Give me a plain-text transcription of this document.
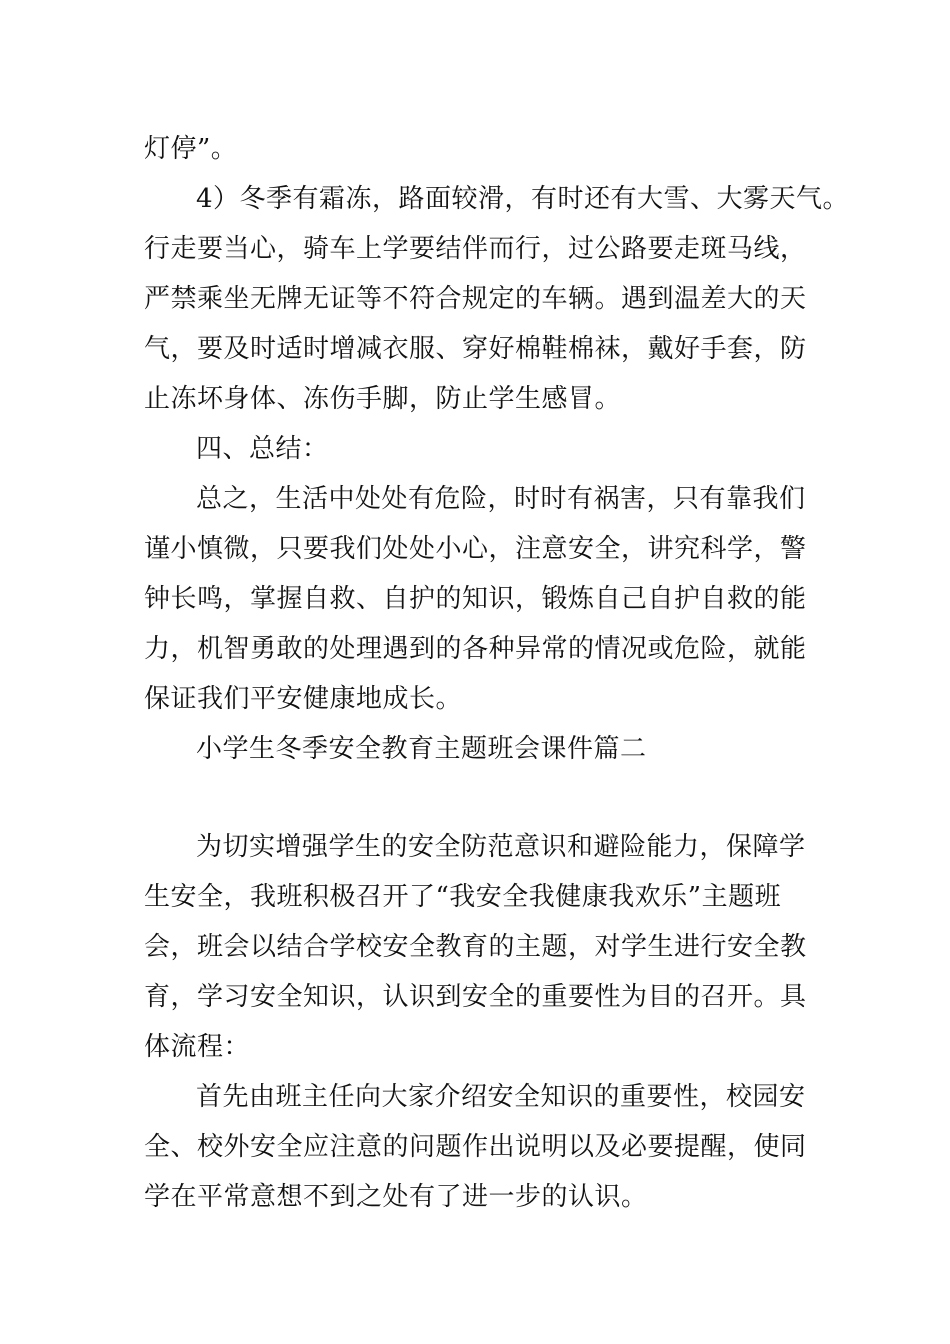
灯停”。
4）冬季有霜冻，路面较滑，有时还有大雪、大雾天气。
行走要当心，骑车上学要结伴而行，过公路要走斑马线，
严禁乘坐无牌无证等不符合规定的车辆。遇到温差大的天
气，要及时适时增减衣服、穿好棉鞋棉袜，戴好手套，防
止冻坏身体、冻伤手脚，防止学生感冒。
四、总结：
总之，生活中处处有危险，时时有祸害，只有靠我们
谨小慎微，只要我们处处小心，注意安全，讲究科学，警
钟长鸣，掌握自救、自护的知识，锻炼自己自护自救的能
力，机智勇敢的处理遇到的各种异常的情况或危险，就能
保证我们平安健康地成长。
小学生冬季安全教育主题班会课件篇二
为切实增强学生的安全防范意识和避险能力，保障学
生安全，我班积极召开了“我安全我健康我欢乐”主题班
会，班会以结合学校安全教育的主题，对学生进行安全教
育，学习安全知识，认识到安全的重要性为目的召开。具
体流程：
首先由班主任向大家介绍安全知识的重要性，校园安
全、校外安全应注意的问题作出说明以及必要提醒，使同
学在平常意想不到之处有了进一步的认识。
